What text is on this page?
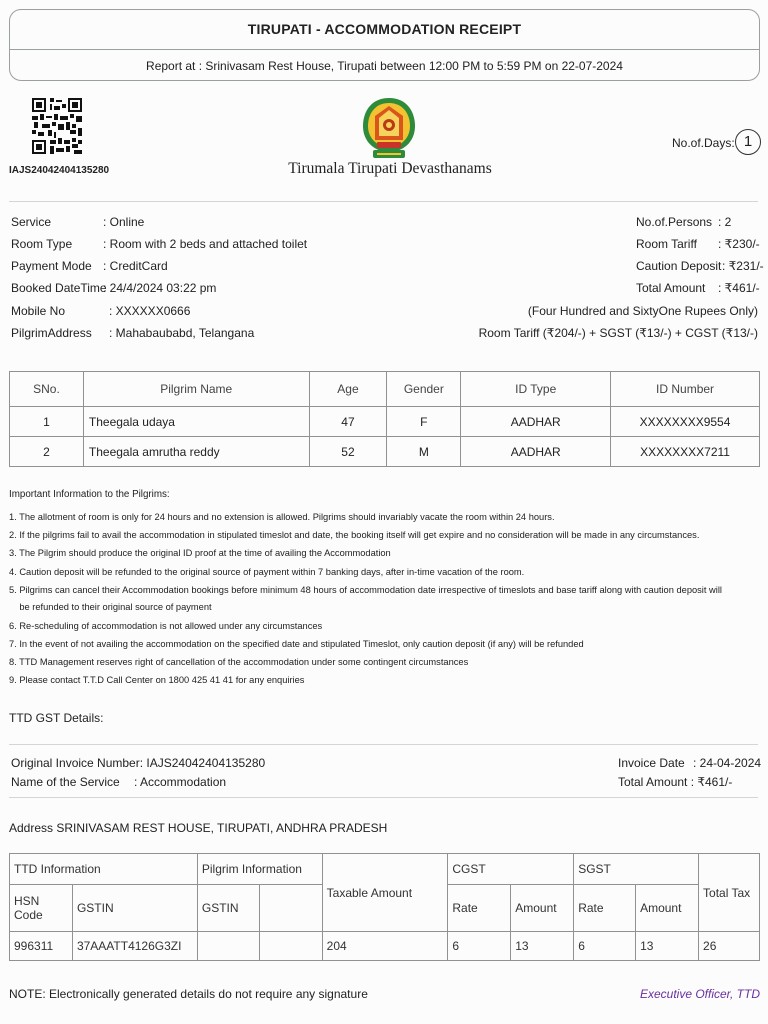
TIRUPATI - ACCOMMODATION RECEIPT
Report at : Srinivasam Rest House, Tirupati between 12:00 PM to 5:59 PM on 22-07-2024
IAJS24042404135280	Tirumala Tirupati Devasthanams
No.of.Days: 1
Service	: Online
Room Type	: Room with 2 beds and attached toilet
Payment Mode : CreditCard
Booked DateTime
: 24/4/2024 03:22 pm
Mobile No	: XXXXXX0666
PilgrimAddress : Mahabaubabd, Telangana
No.of.Persons : 2
Room Tariff : ₹230/-
Caution Deposit : ₹231/-
Total Amount : ₹461/-
(Four Hundred and SixtyOne Rupees Only)
Room Tariff (₹204/-) + SGST (₹13/-) + CGST (₹13/-)
SNo.	Pilgrim Name	Age	Gender	ID Type	ID Number
1	Theegala udaya	47	F	AADHAR	XXXXXXXX9554
2	Theegala amrutha reddy	52	M	AADHAR	XXXXXXXX7211
Important Information to the Pilgrims:
1. The allotment of room is only for 24 hours and no extension is allowed. Pilgrims should invariably vacate the room within 24 hours.
2. If the pilgrims fail to avail the accommodation in stipulated timeslot and date, the booking itself will get expire and no consideration will be made in any circumstances.
3. The Pilgrim should produce the original ID proof at the time of availing the Accommodation
4. Caution deposit will be refunded to the original source of payment within 7 banking days, after in-time vacation of the room.
5. Pilgrims can cancel their Accommodation bookings before minimum 48 hours of accommodation date irrespective of timeslots and base tariff along with caution deposit will
be refunded to their original source of payment
6. Re-scheduling of accommodation is not allowed under any circumstances
7. In the event of not availing the accommodation on the specified date and stipulated Timeslot, only caution deposit (if any) will be refunded
8. TTD Management reserves right of cancellation of the accommodation under some contingent circumstances
9. Please contact T.T.D Call Center on 1800 425 41 41 for any enquiries
TTD GST Details:
Original Invoice Number: IAJS24042404135280
Name of the Service : Accommodation
Invoice Date : 24-04-2024
Total Amount : ₹461/-
Address SRINIVASAM REST HOUSE, TIRUPATI, ANDHRA PRADESH
TTD Information		Pilgrim Information		Taxable Amount	CGST		SGST		Total Tax
HSN Code	GSTIN	GSTIN			Rate	Amount	Rate	Amount	
996311	37AAATT4126G3ZI			204	6	13	6	13	26
NOTE: Electronically generated details do not require any signature	Executive Officer, TTD
